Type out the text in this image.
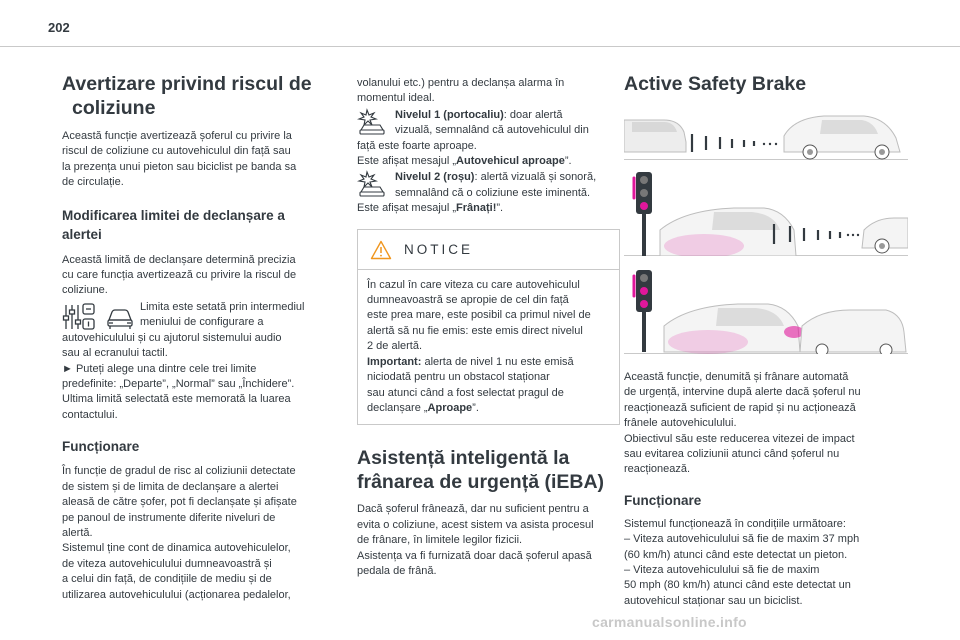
202
Avertizare privind riscul de
coliziune
Această funcție avertizează șoferul cu privire la
riscul de coliziune cu autovehiculul din față sau
la prezența unui pieton sau biciclist pe banda sa
de circulație.
Modificarea limitei de declanșare a
alertei
Această limită de declanșare determină precizia
cu care funcția avertizează cu privire la riscul de
coliziune.
Limita este setată prin intermediul
meniului de configurare a
autovehiculului și cu ajutorul sistemului audio
sau al ecranului tactil.
► Puteți alege una dintre cele trei limite
predefinite: „Departe”, „Normal” sau „Închidere”.
Ultima limită selectată este memorată la luarea
contactului.
Funcționare
În funcție de gradul de risc al coliziunii detectate
de sistem și de limita de declanșare a alertei
aleasă de către șofer, pot fi declanșate și afișate
pe panoul de instrumente diferite niveluri de
alertă.
Sistemul ține cont de dinamica autovehiculelor,
de viteza autovehiculului dumneavoastră și
a celui din față, de condițiile de mediu și de
utilizarea autovehiculului (acționarea pedalelor,
volanului etc.) pentru a declanșa alarma în
momentul ideal.
Nivelul 1 (portocaliu): doar alertă
vizuală, semnalând că autovehiculul din
față este foarte aproape.
Este afișat mesajul „Autovehicul aproape”.
Nivelul 2 (roșu): alertă vizuală și sonoră,
semnalând că o coliziune este iminentă.
Este afișat mesajul „Frânați!”.
NOTICE
În cazul în care viteza cu care autovehiculul
dumneavoastră se apropie de cel din față
este prea mare, este posibil ca primul nivel de
alertă să nu fie emis: este emis direct nivelul
2 de alertă.
Important: alerta de nivel 1 nu este emisă
niciodată pentru un obstacol staționar
sau atunci când a fost selectat pragul de
declanșare „Aproape”.
Asistență inteligentă la
frânarea de urgență (iEBA)
Dacă șoferul frânează, dar nu suficient pentru a
evita o coliziune, acest sistem va asista procesul
de frânare, în limitele legilor fizicii.
Asistența va fi furnizată doar dacă șoferul apasă
pedala de frână.
Active Safety Brake
Această funcție, denumită și frânare automată
de urgență, intervine după alerte dacă șoferul nu
reacționează suficient de rapid și nu acționează
frânele autovehiculului.
Obiectivul său este reducerea vitezei de impact
sau evitarea coliziunii atunci când șoferul nu
reacționează.
Funcționare
Sistemul funcționează în condițiile următoare:
– Viteza autovehiculului să fie de maxim 37 mph
(60 km/h) atunci când este detectat un pieton.
– Viteza autovehiculului să fie de maxim
50 mph (80 km/h) atunci când este detectat un
autovehicul staționar sau un biciclist.
carmanualsonline.info
